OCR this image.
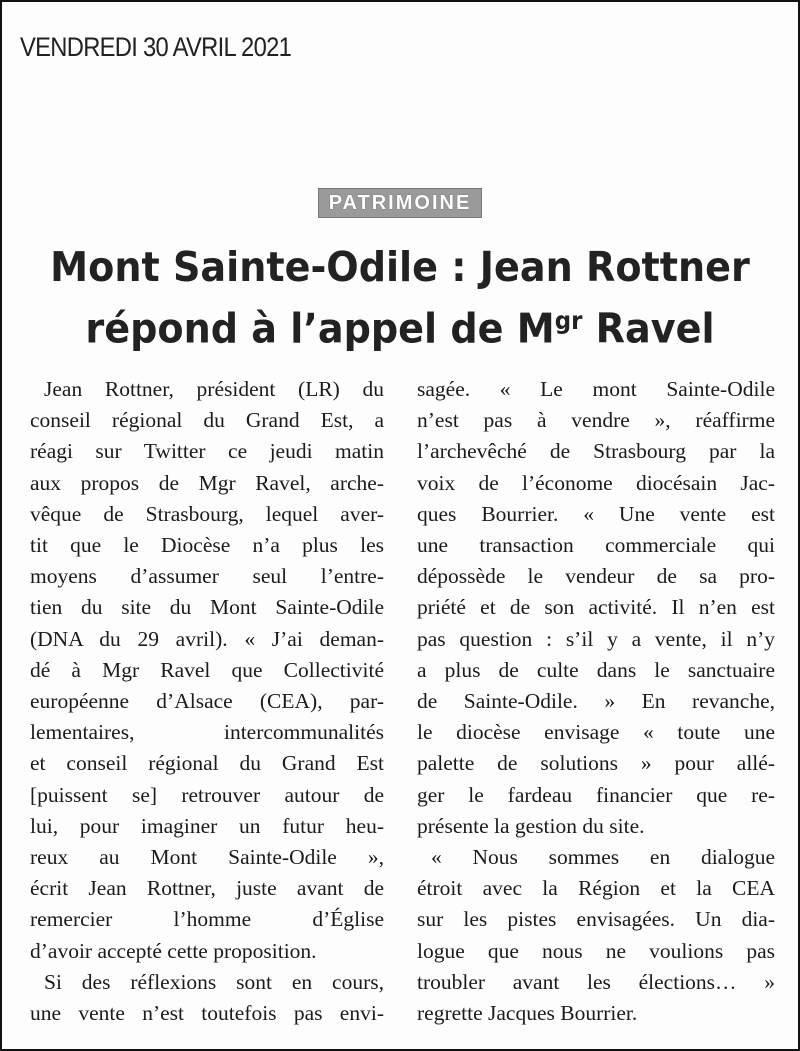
VENDREDI 30 AVRIL 2021
PATRIMOINE
Mont Sainte-Odile : Jean Rottner
répond à l’appel de $M^{gr}$ Ravel
Jean Rottner, président (LR) du
conseil régional du Grand Est, a
réagi sur Twitter ce jeudi matin
aux propos de Mgr Ravel, arche-
vêque de Strasbourg, lequel aver-
tit que le Diocèse n’a plus les
moyens d’assumer seul l’entre-
tien du site du Mont Sainte-Odile
(DNA du 29 avril). « J’ai deman-
dé à Mgr Ravel que Collectivité
européenne d’Alsace (CEA), par-
lementaires, intercommunalités
et conseil régional du Grand Est
[puissent se] retrouver autour de
lui, pour imaginer un futur heu-
reux au Mont Sainte-Odile »,
écrit Jean Rottner, juste avant de
remercier l’homme d’Église
d’avoir accepté cette proposition.
Si des réflexions sont en cours,
une vente n’est toutefois pas envi-
sagée. « Le mont Sainte-Odile
n’est pas à vendre », réaffirme
l’archevêché de Strasbourg par la
voix de l’économe diocésain Jac-
ques Bourrier. « Une vente est
une transaction commerciale qui
dépossède le vendeur de sa pro-
priété et de son activité. Il n’en est
pas question : s’il y a vente, il n’y
a plus de culte dans le sanctuaire
de Sainte-Odile. » En revanche,
le diocèse envisage « toute une
palette de solutions » pour allé-
ger le fardeau financier que re-
présente la gestion du site.
« Nous sommes en dialogue
étroit avec la Région et la CEA
sur les pistes envisagées. Un dia-
logue que nous ne voulions pas
troubler avant les élections… »
regrette Jacques Bourrier.
